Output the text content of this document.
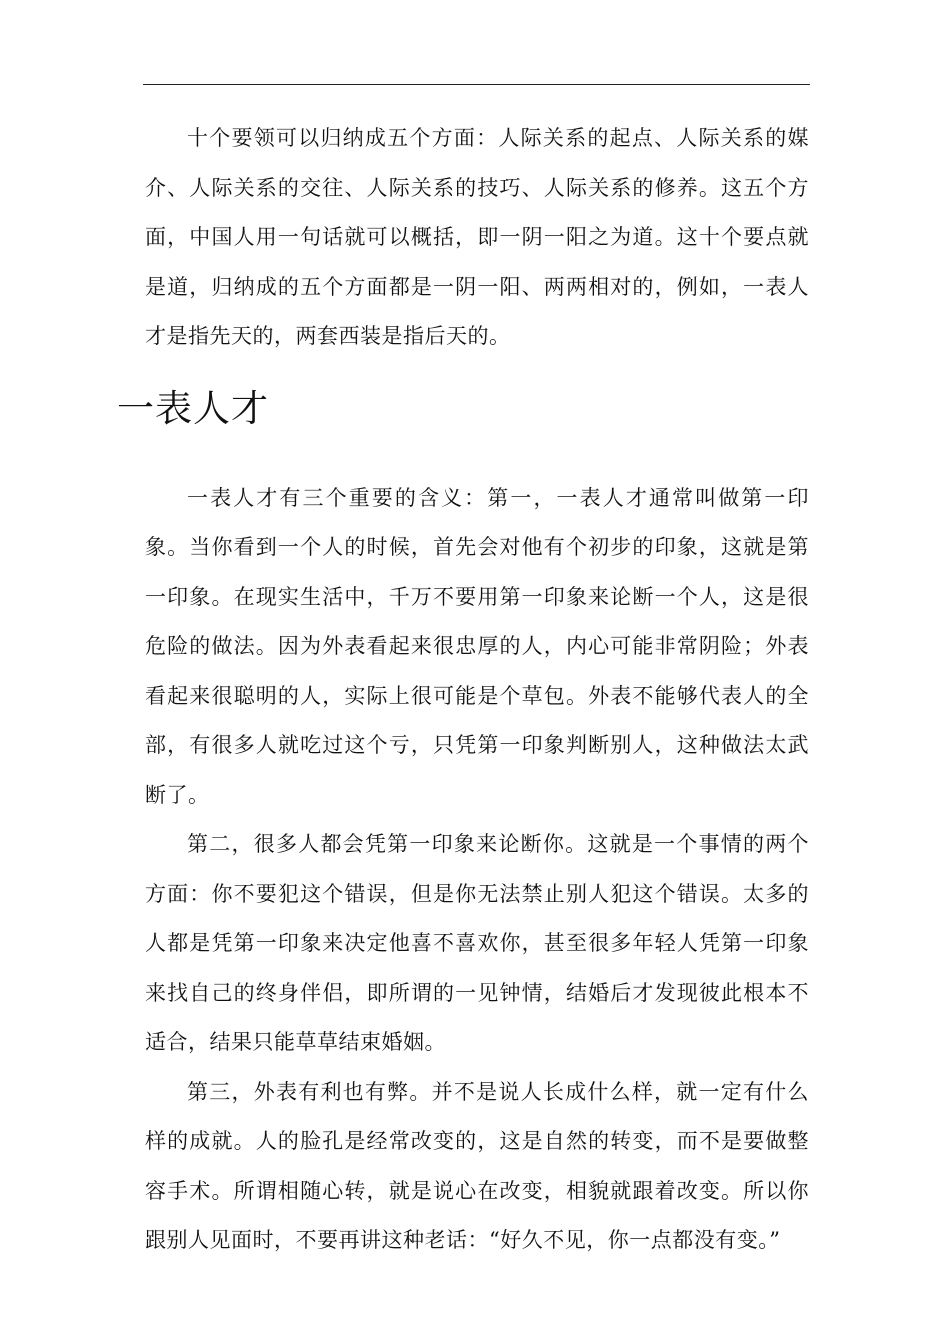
十个要领可以归纳成五个方面：人际关系的起点、人际关系的媒介、人际关系的交往、人际关系的技巧、人际关系的修养。这五个方面，中国人用一句话就可以概括，即一阴一阳之为道。这十个要点就是道，归纳成的五个方面都是一阴一阳、两两相对的，例如，一表人才是指先天的，两套西装是指后天的。

一表人才

一表人才有三个重要的含义：第一，一表人才通常叫做第一印象。当你看到一个人的时候，首先会对他有个初步的印象，这就是第一印象。在现实生活中，千万不要用第一印象来论断一个人，这是很危险的做法。因为外表看起来很忠厚的人，内心可能非常阴险；外表看起来很聪明的人，实际上很可能是个草包。外表不能够代表人的全部，有很多人就吃过这个亏，只凭第一印象判断别人，这种做法太武断了。

第二，很多人都会凭第一印象来论断你。这就是一个事情的两个方面：你不要犯这个错误，但是你无法禁止别人犯这个错误。太多的人都是凭第一印象来决定他喜不喜欢你，甚至很多年轻人凭第一印象来找自己的终身伴侣，即所谓的一见钟情，结婚后才发现彼此根本不适合，结果只能草草结束婚姻。

第三，外表有利也有弊。并不是说人长成什么样，就一定有什么样的成就。人的脸孔是经常改变的，这是自然的转变，而不是要做整容手术。所谓相随心转，就是说心在改变，相貌就跟着改变。所以你跟别人见面时，不要再讲这种老话：“好久不见，你一点都没有变。”
